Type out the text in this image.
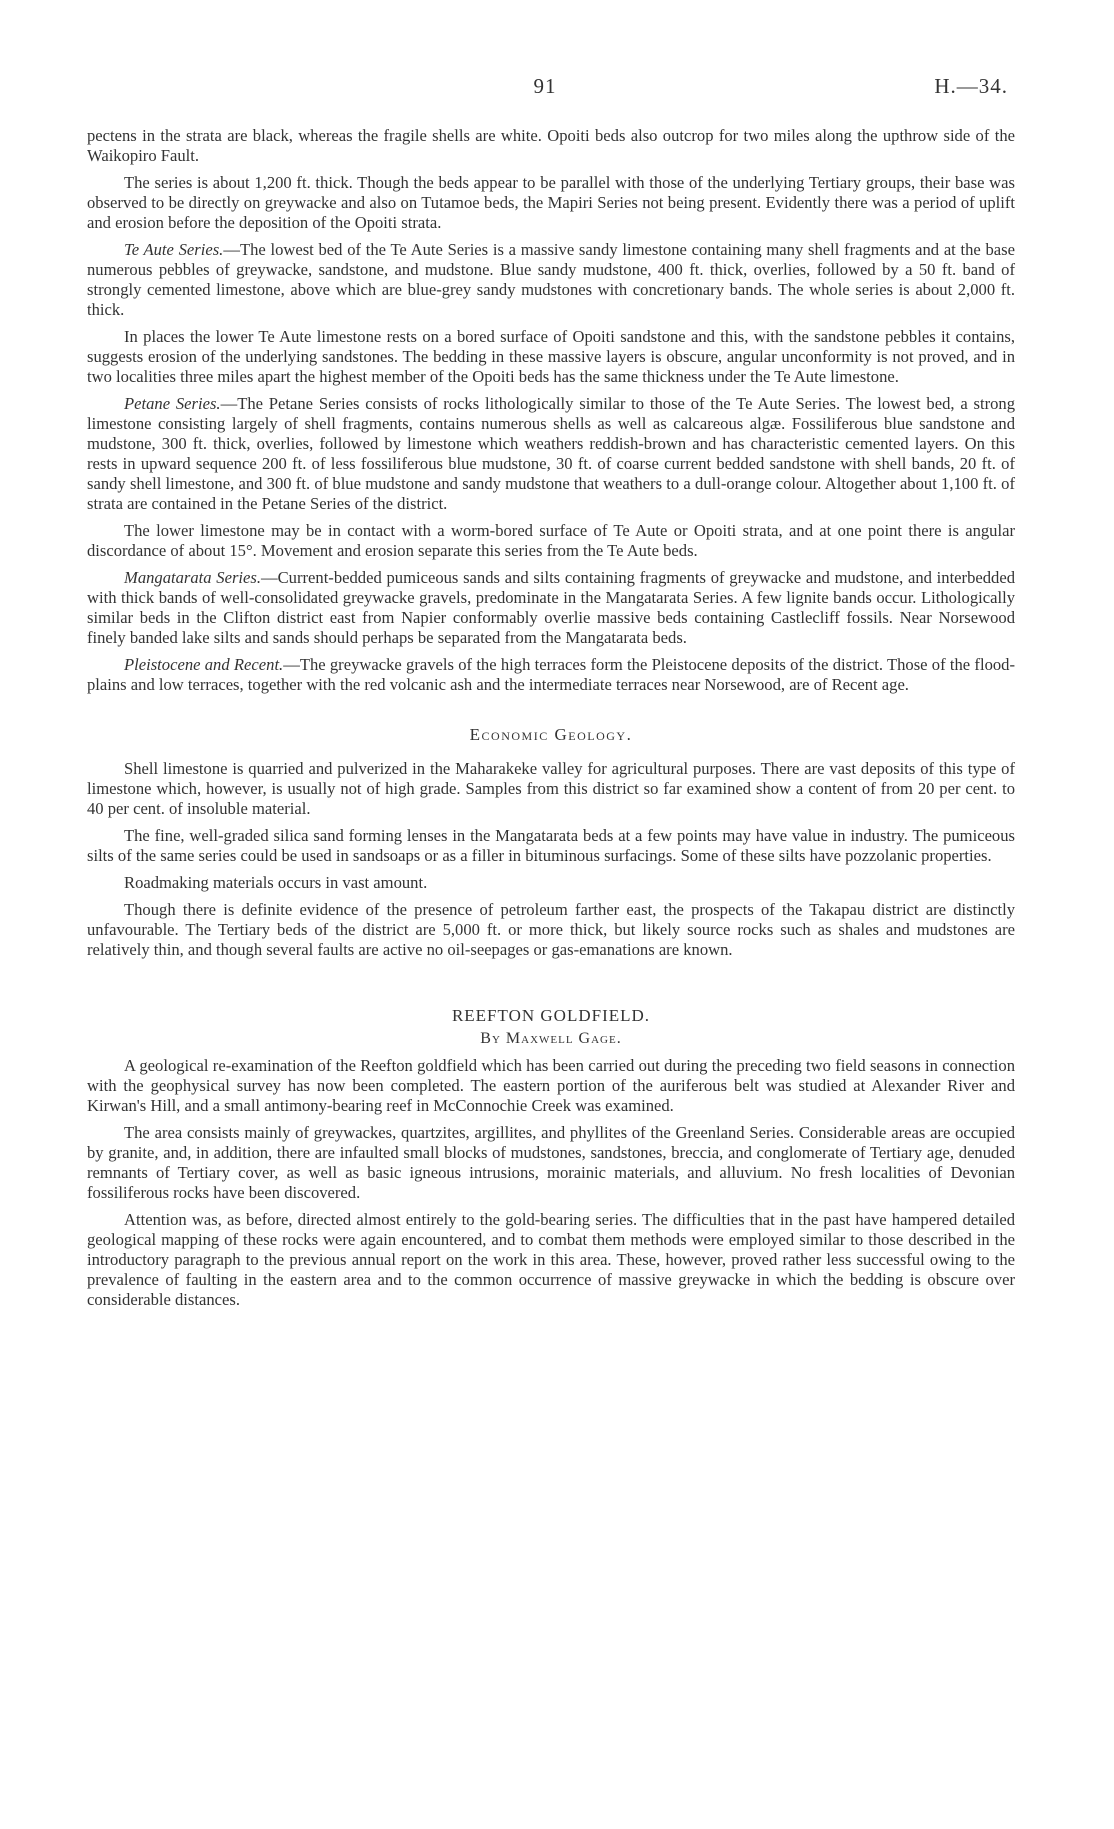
91	H.—34.

pectens in the strata are black, whereas the fragile shells are white. Opoiti beds also outcrop for two miles along the upthrow side of the Waikopiro Fault.

The series is about 1,200 ft. thick. Though the beds appear to be parallel with those of the underlying Tertiary groups, their base was observed to be directly on greywacke and also on Tutamoe beds, the Mapiri Series not being present. Evidently there was a period of uplift and erosion before the deposition of the Opoiti strata.

Te Aute Series.—The lowest bed of the Te Aute Series is a massive sandy limestone containing many shell fragments and at the base numerous pebbles of greywacke, sandstone, and mudstone. Blue sandy mudstone, 400 ft. thick, overlies, followed by a 50 ft. band of strongly cemented limestone, above which are blue-grey sandy mudstones with concretionary bands. The whole series is about 2,000 ft. thick.

In places the lower Te Aute limestone rests on a bored surface of Opoiti sandstone and this, with the sandstone pebbles it contains, suggests erosion of the underlying sandstones. The bedding in these massive layers is obscure, angular unconformity is not proved, and in two localities three miles apart the highest member of the Opoiti beds has the same thickness under the Te Aute limestone.

Petane Series.—The Petane Series consists of rocks lithologically similar to those of the Te Aute Series. The lowest bed, a strong limestone consisting largely of shell fragments, contains numerous shells as well as calcareous algæ. Fossiliferous blue sandstone and mudstone, 300 ft. thick, overlies, followed by limestone which weathers reddish-brown and has characteristic cemented layers. On this rests in upward sequence 200 ft. of less fossiliferous blue mudstone, 30 ft. of coarse current bedded sandstone with shell bands, 20 ft. of sandy shell limestone, and 300 ft. of blue mudstone and sandy mudstone that weathers to a dull-orange colour. Altogether about 1,100 ft. of strata are contained in the Petane Series of the district.

The lower limestone may be in contact with a worm-bored surface of Te Aute or Opoiti strata, and at one point there is angular discordance of about 15°. Movement and erosion separate this series from the Te Aute beds.

Mangatarata Series.—Current-bedded pumiceous sands and silts containing fragments of greywacke and mudstone, and interbedded with thick bands of well-consolidated greywacke gravels, predominate in the Mangatarata Series. A few lignite bands occur. Lithologically similar beds in the Clifton district east from Napier conformably overlie massive beds containing Castlecliff fossils. Near Norsewood finely banded lake silts and sands should perhaps be separated from the Mangatarata beds.

Pleistocene and Recent.—The greywacke gravels of the high terraces form the Pleistocene deposits of the district. Those of the flood-plains and low terraces, together with the red volcanic ash and the intermediate terraces near Norsewood, are of Recent age.

Economic Geology.

Shell limestone is quarried and pulverized in the Maharakeke valley for agricultural purposes. There are vast deposits of this type of limestone which, however, is usually not of high grade. Samples from this district so far examined show a content of from 20 per cent. to 40 per cent. of insoluble material.

The fine, well-graded silica sand forming lenses in the Mangatarata beds at a few points may have value in industry. The pumiceous silts of the same series could be used in sandsoaps or as a filler in bituminous surfacings. Some of these silts have pozzolanic properties.

Roadmaking materials occurs in vast amount.

Though there is definite evidence of the presence of petroleum farther east, the prospects of the Takapau district are distinctly unfavourable. The Tertiary beds of the district are 5,000 ft. or more thick, but likely source rocks such as shales and mudstones are relatively thin, and though several faults are active no oil-seepages or gas-emanations are known.

REEFTON GOLDFIELD.
By Maxwell Gage.

A geological re-examination of the Reefton goldfield which has been carried out during the preceding two field seasons in connection with the geophysical survey has now been completed. The eastern portion of the auriferous belt was studied at Alexander River and Kirwan's Hill, and a small antimony-bearing reef in McConnochie Creek was examined.

The area consists mainly of greywackes, quartzites, argillites, and phyllites of the Greenland Series. Considerable areas are occupied by granite, and, in addition, there are infaulted small blocks of mudstones, sandstones, breccia, and conglomerate of Tertiary age, denuded remnants of Tertiary cover, as well as basic igneous intrusions, morainic materials, and alluvium. No fresh localities of Devonian fossiliferous rocks have been discovered.

Attention was, as before, directed almost entirely to the gold-bearing series. The difficulties that in the past have hampered detailed geological mapping of these rocks were again encountered, and to combat them methods were employed similar to those described in the introductory paragraph to the previous annual report on the work in this area. These, however, proved rather less successful owing to the prevalence of faulting in the eastern area and to the common occurrence of massive greywacke in which the bedding is obscure over considerable distances.
